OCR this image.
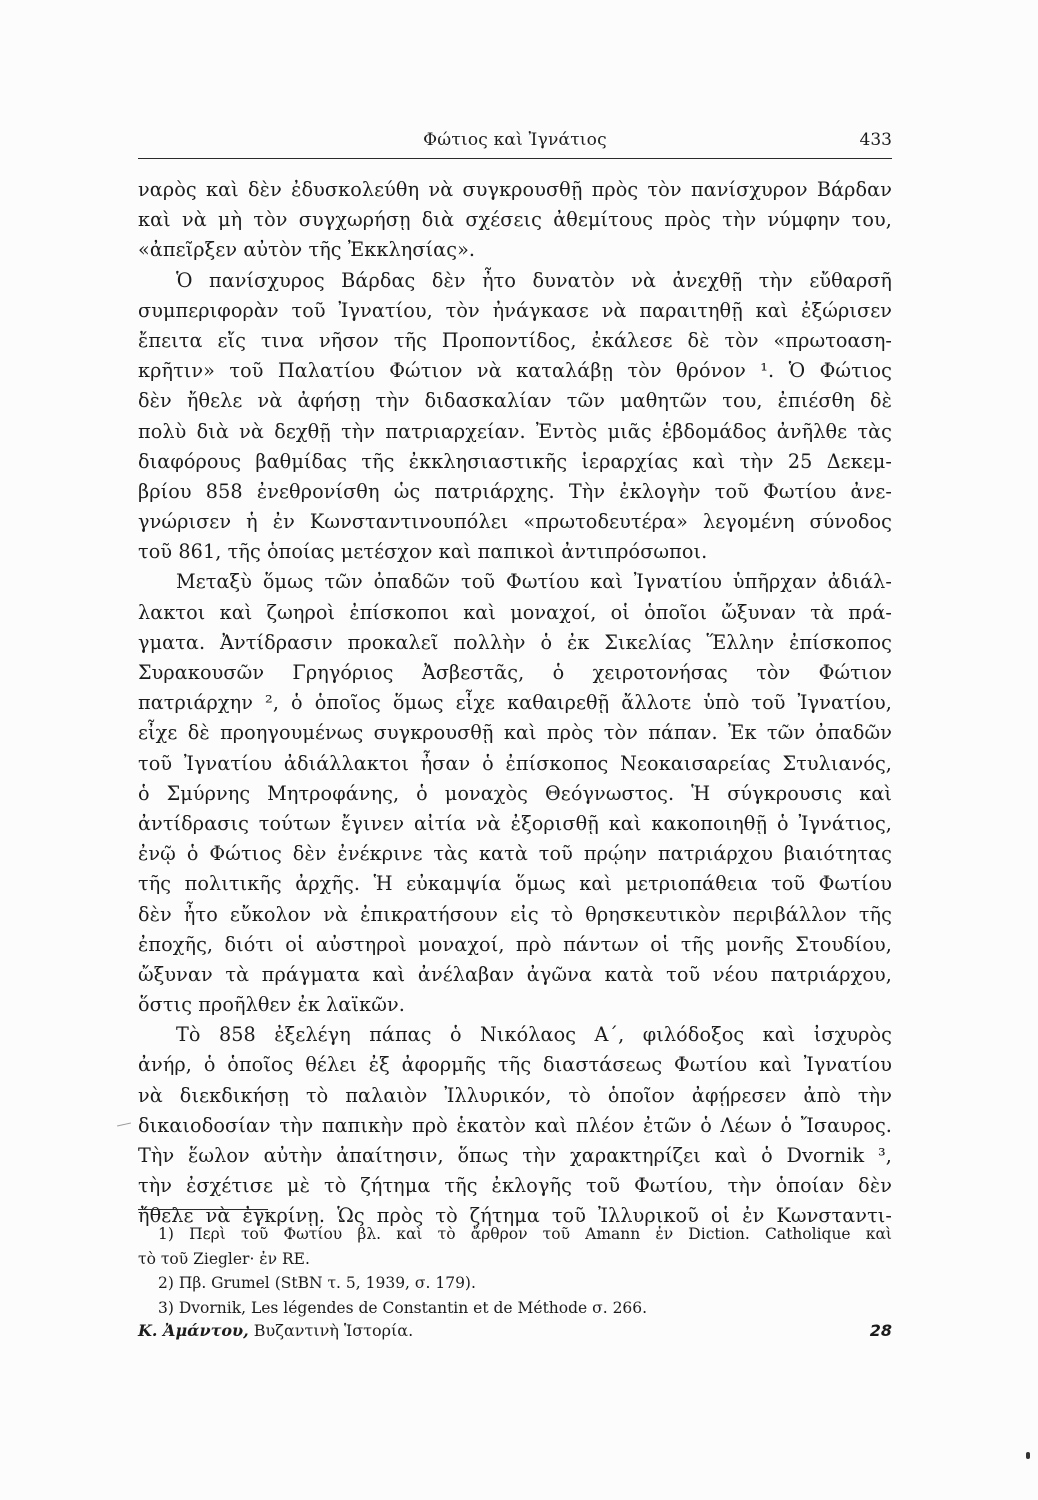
Φώτιος καὶ Ἰγνάτιος	433
ναρὸς καὶ δὲν ἐδυσκολεύθη νὰ συγκρουσθῇ πρὸς τὸν πανίσχυρον Βάρδαν
καὶ νὰ μὴ τὸν συγχωρήσῃ διὰ σχέσεις ἀθεμίτους πρὸς τὴν νύμφην του,
«ἀπεῖρξεν αὐτὸν τῆς Ἐκκλησίας».
Ὁ πανίσχυρος Βάρδας δὲν ἦτο δυνατὸν νὰ ἀνεχθῇ τὴν εὔθαρσῆ
συμπεριφορὰν τοῦ Ἰγνατίου, τὸν ἠνάγκασε νὰ παραιτηθῇ καὶ ἐξώρισεν
ἔπειτα εἴς τινα νῆσον τῆς Προποντίδος, ἐκάλεσε δὲ τὸν «πρωτοαση-
κρῆτιν» τοῦ Παλατίου Φώτιον νὰ καταλάβῃ τὸν θρόνον ¹. Ὁ Φώτιος
δὲν ἤθελε νὰ ἀφήσῃ τὴν διδασκαλίαν τῶν μαθητῶν του, ἐπιέσθη δὲ
πολὺ διὰ νὰ δεχθῇ τὴν πατριαρχείαν. Ἐντὸς μιᾶς ἑβδομάδος ἀνῆλθε τὰς
διαφόρους βαθμίδας τῆς ἐκκλησιαστικῆς ἱεραρχίας καὶ τὴν 25 Δεκεμ-
βρίου 858 ἐνεθρονίσθη ὡς πατριάρχης. Τὴν ἐκλογὴν τοῦ Φωτίου ἀνε-
γνώρισεν ἡ ἐν Κωνσταντινουπόλει «πρωτοδευτέρα» λεγομένη σύνοδος
τοῦ 861, τῆς ὁποίας μετέσχον καὶ παπικοὶ ἀντιπρόσωποι.
Μεταξὺ ὅμως τῶν ὀπαδῶν τοῦ Φωτίου καὶ Ἰγνατίου ὑπῆρχαν ἀδιάλ-
λακτοι καὶ ζωηροὶ ἐπίσκοποι καὶ μοναχοί, οἱ ὁποῖοι ὤξυναν τὰ πρά-
γματα. Ἀντίδρασιν προκαλεῖ πολλὴν ὁ ἐκ Σικελίας Ἕλλην ἐπίσκοπος
Συρακουσῶν Γρηγόριος Ἀσβεστᾶς, ὁ χειροτονήσας τὸν Φώτιον
πατριάρχην ², ὁ ὁποῖος ὅμως εἶχε καθαιρεθῇ ἄλλοτε ὑπὸ τοῦ Ἰγνατίου,
εἶχε δὲ προηγουμένως συγκρουσθῇ καὶ πρὸς τὸν πάπαν. Ἐκ τῶν ὀπαδῶν
τοῦ Ἰγνατίου ἀδιάλλακτοι ἦσαν ὁ ἐπίσκοπος Νεοκαισαρείας Στυλιανός,
ὁ Σμύρνης Μητροφάνης, ὁ μοναχὸς Θεόγνωστος. Ἡ σύγκρουσις καὶ
ἀντίδρασις τούτων ἔγινεν αἰτία νὰ ἐξορισθῇ καὶ κακοποιηθῇ ὁ Ἰγνάτιος,
ἐνῷ ὁ Φώτιος δὲν ἐνέκρινε τὰς κατὰ τοῦ πρῴην πατριάρχου βιαιότητας
τῆς πολιτικῆς ἀρχῆς. Ἡ εὐκαμψία ὅμως καὶ μετριοπάθεια τοῦ Φωτίου
δὲν ἦτο εὔκολον νὰ ἐπικρατήσουν εἰς τὸ θρησκευτικὸν περιβάλλον τῆς
ἐποχῆς, διότι οἱ αὐστηροὶ μοναχοί, πρὸ πάντων οἱ τῆς μονῆς Στουδίου,
ὤξυναν τὰ πράγματα καὶ ἀνέλαβαν ἀγῶνα κατὰ τοῦ νέου πατριάρχου,
ὅστις προῆλθεν ἐκ λαϊκῶν.
Τὸ 858 ἐξελέγη πάπας ὁ Νικόλαος Α΄, φιλόδοξος καὶ ἰσχυρὸς
ἀνήρ, ὁ ὁποῖος θέλει ἐξ ἀφορμῆς τῆς διαστάσεως Φωτίου καὶ Ἰγνατίου
νὰ διεκδικήσῃ τὸ παλαιὸν Ἰλλυρικόν, τὸ ὁποῖον ἀφῄρεσεν ἀπὸ τὴν
δικαιοδοσίαν τὴν παπικὴν πρὸ ἑκατὸν καὶ πλέον ἐτῶν ὁ Λέων ὁ Ἴσαυρος.
Τὴν ἕωλον αὐτὴν ἀπαίτησιν, ὅπως τὴν χαρακτηρίζει καὶ ὁ Dvornik ³,
τὴν ἐσχέτισε μὲ τὸ ζήτημα τῆς ἐκλογῆς τοῦ Φωτίου, τὴν ὁποίαν δὲν
ἤθελε νὰ ἐγκρίνῃ. Ὡς πρὸς τὸ ζήτημα τοῦ Ἰλλυρικοῦ οἱ ἐν Κωνσταντι-
1) Περὶ τοῦ Φωτίου βλ. καὶ τὸ ἄρθρον τοῦ Amann ἐν Diction. Catholique καὶ
τὸ τοῦ Ziegler· ἐν RE.
2) Πβ. Grumel (StBN τ. 5, 1939, σ. 179).
3) Dvornik, Les légendes de Constantin et de Méthode σ. 266.
Κ. Ἀμάντου, Βυζαντινὴ Ἱστορία.	28
